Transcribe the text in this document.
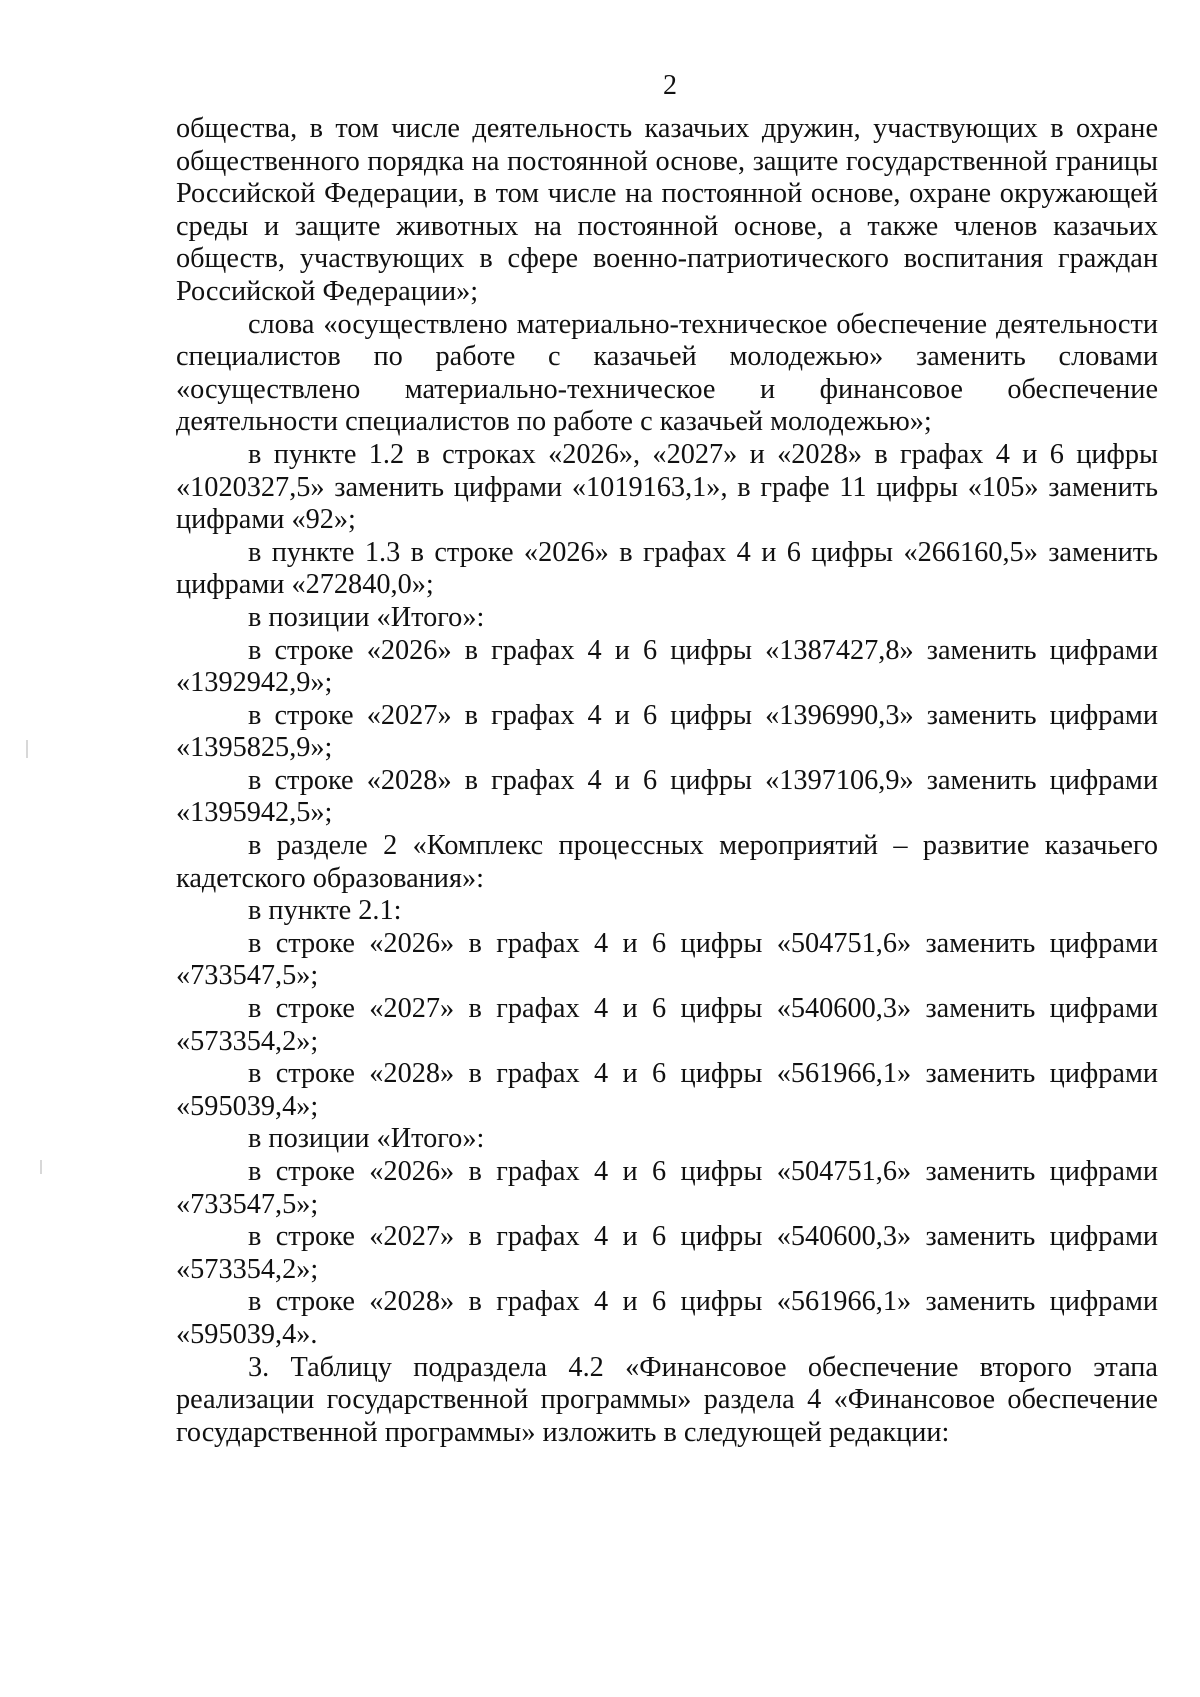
2

общества, в том числе деятельность казачьих дружин, участвующих в охране общественного порядка на постоянной основе, защите государственной границы Российской Федерации, в том числе на постоянной основе, охране окружающей среды и защите животных на постоянной основе, а также членов казачьих обществ, участвующих в сфере военно-патриотического воспитания граждан Российской Федерации»;

слова «осуществлено материально-техническое обеспечение деятельности специалистов по работе с казачьей молодежью» заменить словами «осуществлено материально-техническое и финансовое обеспечение деятельности специалистов по работе с казачьей молодежью»;

в пункте 1.2 в строках «2026», «2027» и «2028» в графах 4 и 6 цифры «1020327,5» заменить цифрами «1019163,1», в графе 11 цифры «105» заменить цифрами «92»;

в пункте 1.3 в строке «2026» в графах 4 и 6 цифры «266160,5» заменить цифрами «272840,0»;

в позиции «Итого»:

в строке «2026» в графах 4 и 6 цифры «1387427,8» заменить цифрами «1392942,9»;

в строке «2027» в графах 4 и 6 цифры «1396990,3» заменить цифрами «1395825,9»;

в строке «2028» в графах 4 и 6 цифры «1397106,9» заменить цифрами «1395942,5»;

в разделе 2 «Комплекс процессных мероприятий – развитие казачьего кадетского образования»:

в пункте 2.1:

в строке «2026» в графах 4 и 6 цифры «504751,6» заменить цифрами «733547,5»;

в строке «2027» в графах 4 и 6 цифры «540600,3» заменить цифрами «573354,2»;

в строке «2028» в графах 4 и 6 цифры «561966,1» заменить цифрами «595039,4»;

в позиции «Итого»:

в строке «2026» в графах 4 и 6 цифры «504751,6» заменить цифрами «733547,5»;

в строке «2027» в графах 4 и 6 цифры «540600,3» заменить цифрами «573354,2»;

в строке «2028» в графах 4 и 6 цифры «561966,1» заменить цифрами «595039,4».

3. Таблицу подраздела 4.2 «Финансовое обеспечение второго этапа реализации государственной программы» раздела 4 «Финансовое обеспечение государственной программы» изложить в следующей редакции:
